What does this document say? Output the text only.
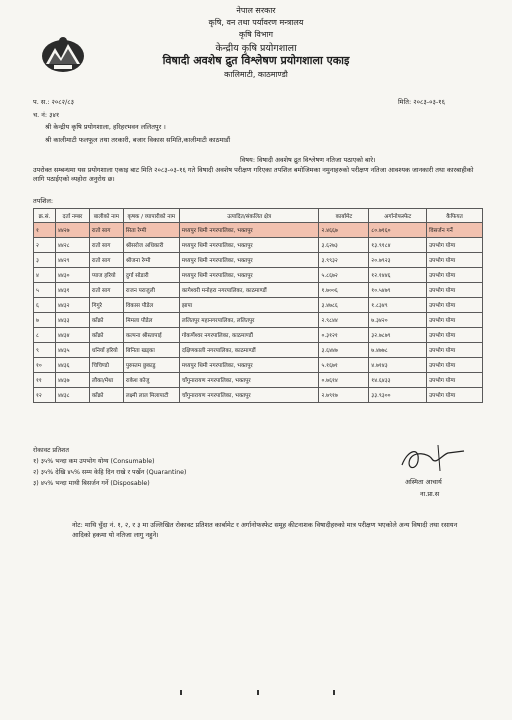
नेपाल सरकार
कृषि, वन तथा पर्यावरण मन्त्रालय
कृषि विभाग
केन्द्रीय कृषि प्रयोगशाला
विषादी अवशेष द्रुत विश्लेषण प्रयोगशाला एकाइ
कालिमाटी, काठमाण्डौ
प. स.: २०८२/८३
च. नं: ३४१
मिति: २०८३-०३-१६
श्री केन्द्रीय कृषि प्रयोगशाला, हरिहरभवन ललितपुर ।
श्री कालीमाटी फलफूल तथा तरकारी, बजार विकास समिति,कालीमाटी काठमाडौं
विषय: विषादी अवशेष द्रुत विश्लेषण नतिजा पठाएको बारे।
उपरोक्त सम्बन्धमा यस प्रयोगशाला एकाइ बाट मिति २०८३-०३-१६ गते विषादी अवशेष परीक्षण गरिएका तपशिल बमोजिमका नमुनाहरुको परीक्षण नतिजा आवश्यक जानकारी तथा कारबाहीको लागि पठाईएको व्यहोरा अनुरोध छ।
तपशिल:
क्र.सं.	दर्ता नम्बर	बालीको नाम	कृषक / व्यापारीको नाम	उत्पादित/संकलित क्षेत्र	कार्बामेट	अर्गानोफस्फेट	कैफियत
१	४४२७	रातो साग	सिता रेग्मी	मध्यपुर थिमी नगरपालिका, भक्तपुर	२.४६६७	८०.७१६०	विसर्जन गर्ने
२	४४२८	रातो साग	श्रीसरोज अधिकारी	मध्यपुर थिमी नगरपालिका, भक्तपुर	३.६२७३	१३.९१८४	उपभोग योग्य
३	४४२९	रातो साग	श्रीजना रेग्मी	मध्यपुर थिमी नगरपालिका, भक्तपुर	३.९९३२	२०.७९२३	उपभोग योग्य
४	४४३०	प्याज हरियो	दुर्गा सोडारी	मध्यपुर थिमी नगरपालिका, भक्तपुर	५.८६७२	१२.१४४६	उपभोग योग्य
५	४४३१	रातो साग	राजन पराजुली	कागेश्वरी मनोहरा नगरपालिका, काठमाण्डौं	१.७००६	१०.५४७९	उपभोग योग्य
६	४४३२	गिगुरे	विकास पौडेल	झापा	३.४७८६	१.८३४९	उपभोग योग्य
७	४४३३	काँक्रो	मिमला पौडेल	ललितपुर महानगरपालिका, ललितपुर	२.९८४४	७.३४२०	उपभोग योग्य
८	४४३४	काँक्रो	कल्पना श्रीस्तापाई	गोकर्णेश्वर नगरपालिका, काठमाण्डौं	०.३१२१	३२.७८७९	उपभोग योग्य
९	४४३५	धनियाँ हरियो	बिनिता खड्का	दक्षिणकाली नगरपालिका, काठमाण्डौं	३.६४४७	७.४७७८	उपभोग योग्य
१०	४४३६	चिचिण्डो	पुरुस्तम छुकाडु	मध्यपुर थिमी नगरपालिका, भक्तपुर	५.१६७१	४.७१४३	उपभोग योग्य
११	४४३७	लौका/मेथा	राकेश कोजु	चाँगुनारायण नगरपालिका, भक्तपुर	०.७६१४	१४.६४३३	उपभोग योग्य
१२	४४३८	काँक्रो	लक्ष्मी लाल मिलापाटी	चाँगुनारायण नगरपालिका, भक्तपुर	२.७९१७	३३.९३००	उपभोग योग्य
रोकावट प्रतिशत
१) ३५% भन्दा कम उपभोग योग्य (Consumable)
२) ३५% देखि ४५% सम्म केहि दिन राखे र पर्खेन (Quarantine)
३) ४५% भन्दा माथी बिसर्जन गर्ने (Disposable)	अस्मिता आचार्य
ना.प्रा.स
नोट: माथि चुँदा नं. १, २, र ३ मा उल्लिखित रोकावट प्रतिशत कार्बामेट र अर्गानोफस्फेट समूह कीटनाशक विषादीहरुको मात्र परीक्षण भएकोले अन्य विषादी तथा रसायन आदिको हकमा यो नतिजा लागु नहुने।
